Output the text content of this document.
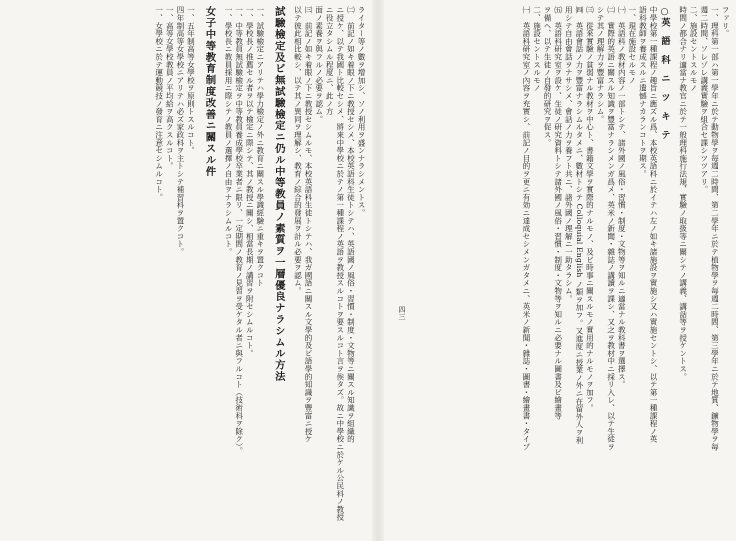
ファリ。
一、理科第一部ハ第一學年ニ於テ動物學ヲ毎週二時間、第二學年ニ於テ植物學ヲ毎週二時間、第三學年ニ於テ地質、鑛物學ヲ毎
週二時間、ソレゾレ講義實驗ヲ組合セ課シツツアリ。
二、施設セントスルモノ
時間ノ都合ナリ適當ナ教官ニ於テ一般理科施行法規、實驗ノ取扱等ニ關シテノ講義、講話等ヲ授ケントス。
○英　語　科　ニ　ツ　キ　テ
中學校第一種課程ノ趣旨ニ應ズル爲、本校英語科ニ於イテハ左ノ如キ諸施設ヲ實施シ又ハ實施セントシ、以テ第一種課程ノ英
語科教師ヲ養成スルニ遺憾ナカランコトヲ期ス。
一、現在施設セルモノ
㈠　英語科ノ教材内容ノ一部トシテ、諸外國ノ風俗・習慣・制度・文物等ヲ知ルニ適當ナル教科書ヲ選擇ス。
㈡　實際的英語ニ關スル知識ヲ豐富ナラシメンガ爲メ、英米ノ新聞・雜誌ノ講讀ヲ課シ、又之ヲ教材中ニ採リ入レ、以テ生徒ヲ
シテ其ノ理解力ヲ豐富ナラシム。
㈢　從來實驗ノ貧弱ナル教材ヲ中心ト、書籍文學ヲ實際的ナルモノ、及ビ時事ニ關スルモノ實用的ナルモノヲ加フ。
㈣　英語會話ノ力ヲ豐富ナラシムルタメニ、數材トシテ Colloquial English ノ類ヲ加フ。又進度ニ授業ノ外ニ在留外人ヲ利
用シテ自由會話ヲナサシメ、會話ノ力ヲ養フト共ニ、諸外國ノ理解ニ一助タラシム。
㈤　英語科研究室ヲ設ケ、生徒ノ研究資料トシテ諸外國ノ風俗・習慣・制度・文物等ヲ知ルニ必要ナル圖書及ビ繪畫等
ヲ備ヘ、以テ生徒ノ自發的研究ヲ促ス。
二、施設セントスルモノ
㈠　英語科研究室ノ內容ヲ充實シ、前記ノ目的ヲ更ニ有効ニ達成セシメンガタメニ、英米ノ新聞・雜誌・圖書・繪畫書・タイプ
四三
ライター等ノ數ヲ增加シ、ソノ利用ヲ盛ンナラシメントス。
㈡　前記ノ如キ着眼ノ下ニ教授セシメ、本校英語科生徒トシテハ、英語國ノ風俗・習慣・制度・文物等ニ關スル知識ヲ組織的
ニ授ケ、以テ我國ト比較セシメ、將來中學校ニ於テノ第一種課程ノ英語ヲ教授スルコトヲ要スルコト言ヲ俟タズ。故ニ中學校ニ於ケル公民科ノ教授ニ役立タシムル程度ニ、此ノ方
面ノ素養ヲ與フルノ必要ヲ認ム。
㈢　前記ノ如キ着眼ノ下ニ教授セシムルモ、本校英語科生徒トシテハ、我ガ國語ニ關スル文學的及ビ語學的知識ヲ豐富ニ授ケ
以テ彼此相比較シ、以テ其ノ異同ヲ理解シ、教育ノ綜合的發展ヲ計ル必要ヲ認ム。
試驗檢定及ビ無試驗檢定ニ仍ル中等教員ノ素質ヲ一層優良ナラシムル方法
一、試驗檢定ニアリテハ學力檢定ノ外ニ教育ニ關スル學識經驗ニ重キヲ置クコト
一、學校長ノ推薦セル者ヲ以テ檢定ニ際シテ、其ノ教授ニ關シ、相當長期ノ講習ヲ附セシムルコト。
一、中等教員無試驗檢定ヲ中等教員養成學校卒業者ニ限リ、一定期間ノ教育ノ見習ヲ受ケタル者ニ與フルコト（技術科ヲ除ク）。
一、學校長ニ教員採用ニ際シテノ教員ノ選擇ノ自由ヲナラシムルコト。
女子中等教育制度改善ニ關スル件
一、五年制高等女學校ヲ原則トスルコト。
四年制高等女學校ニアリテハ必ズ家政科ヲ主トシテ補習科ヲ置クコト。
一、高等女學校教員ノ平均給ヲ高クスルコト。
一、女學校ニ於テ運動競技ノ發育ニ注意セシムルコト。
